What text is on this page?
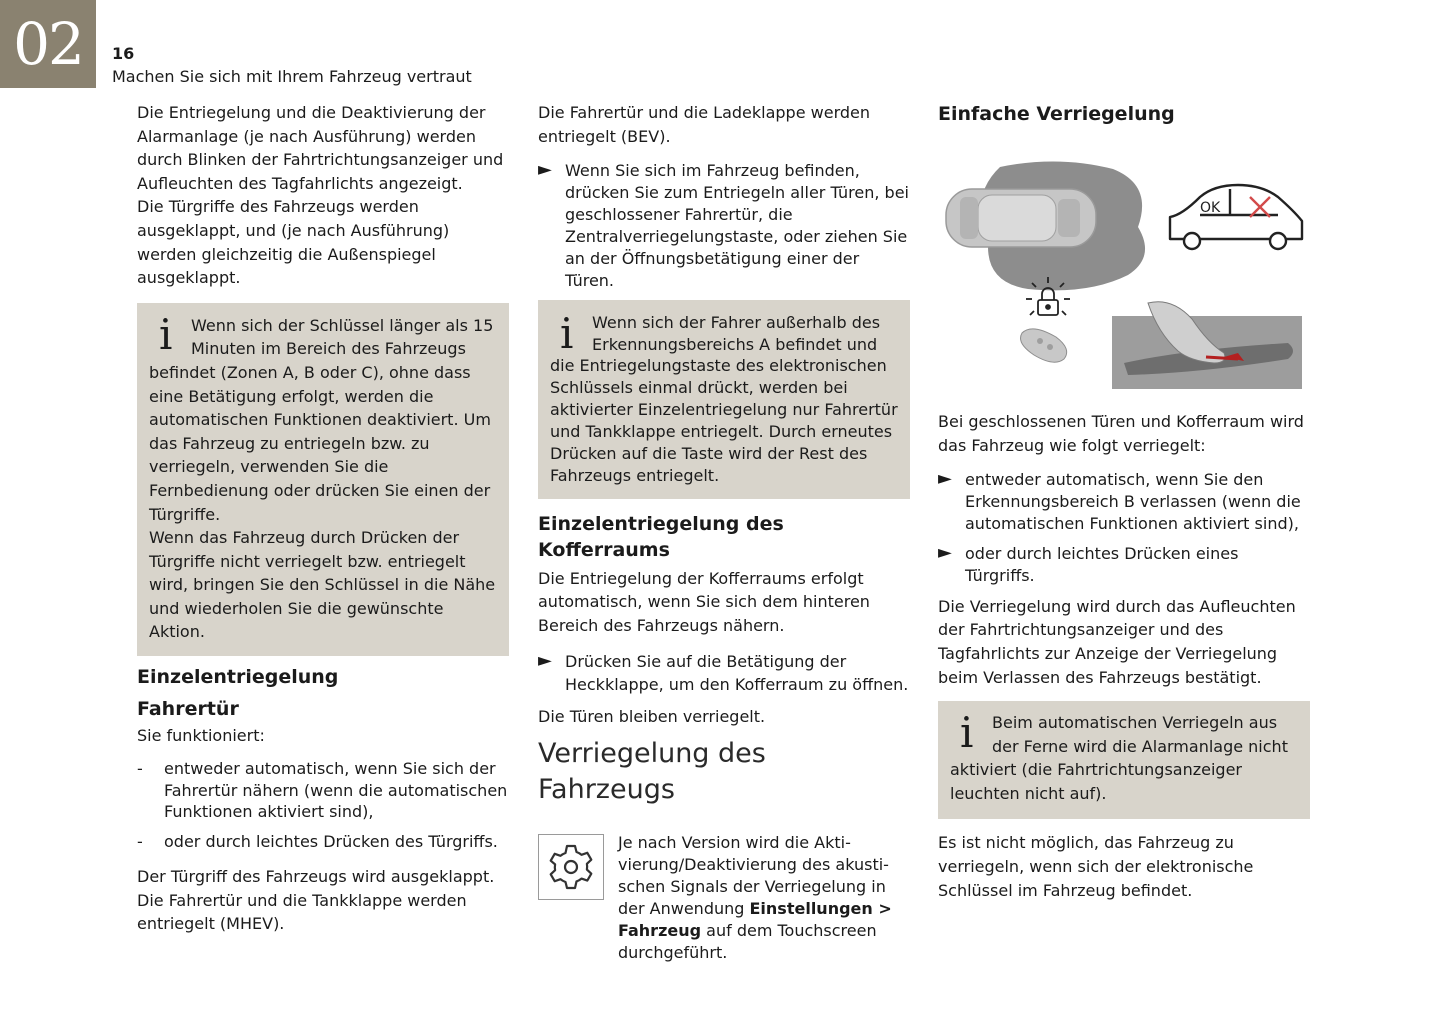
02	16
Machen Sie sich mit Ihrem Fahrzeug vertraut

Die Entriegelung und die Deaktivierung der Alarmanlage (je nach Ausführung) werden durch Blinken der Fahrtrichtungsanzeiger und Aufleuchten des Tagfahrlichts angezeigt.

Die Türgriffe des Fahrzeugs werden ausgeklappt, und (je nach Ausführung) werden gleichzeitig die Außenspiegel ausgeklappt.

i	Wenn sich der Schlüssel länger als 15 Minuten im Bereich des Fahrzeugs befindet (Zonen A, B oder C), ohne dass eine Betätigung erfolgt, werden die automatischen Funktionen deaktiviert. Um das Fahrzeug zu entriegeln bzw. zu verriegeln, verwenden Sie die Fernbedienung oder drücken Sie einen der Türgriffe.

Wenn das Fahrzeug durch Drücken der Türgriffe nicht verriegelt bzw. entriegelt wird, bringen Sie den Schlüssel in die Nähe und wiederholen Sie die gewünschte Aktion.

Einzelentriegelung
Fahrertür

Sie funktioniert:

- entweder automatisch, wenn Sie sich der Fahrertür nähern (wenn die automatischen Funktionen aktiviert sind),
- oder durch leichtes Drücken des Türgriffs.

Der Türgriff des Fahrzeugs wird ausgeklappt.

Die Fahrertür und die Tankklappe werden entriegelt (MHEV).

Die Fahrertür und die Ladeklappe werden entriegelt (BEV).

► Wenn Sie sich im Fahrzeug befinden, drücken Sie zum Entriegeln aller Türen, bei geschlossener Fahrertür, die Zentralverriegelungstaste, oder ziehen Sie an der Öffnungsbetätigung einer der Türen.
i	Wenn sich der Fahrer außerhalb des Erkennungsbereichs A befindet und die Entriegelungstaste des elektronischen Schlüssels einmal drückt, werden bei aktivierter Einzelentriegelung nur Fahrertür und Tankklappe entriegelt. Durch erneutes Drücken auf die Taste wird der Rest des Fahrzeugs entriegelt.

Einzelentriegelung des Kofferraums

Die Entriegelung der Kofferraums erfolgt automatisch, wenn Sie sich dem hinteren Bereich des Fahrzeugs nähern.

► Drücken Sie auf die Betätigung der Heckklappe, um den Kofferraum zu öffnen.

Die Türen bleiben verriegelt.

Verriegelung des Fahrzeugs

Je nach Version wird die Akti-vierung/Deaktivierung des akusti-schen Signals der Verriegelung in der Anwendung Einstellungen > Fahrzeug auf dem Touchscreen durchgeführt.

Einfache Verriegelung
OK

Bei geschlossenen Türen und Kofferraum wird das Fahrzeug wie folgt verriegelt:

► entweder automatisch, wenn Sie den Erkennungsbereich B verlassen (wenn die automatischen Funktionen aktiviert sind),
► oder durch leichtes Drücken eines Türgriffs.

Die Verriegelung wird durch das Aufleuchten der Fahrtrichtungsanzeiger und des Tagfahrlichts zur Anzeige der Verriegelung beim Verlassen des Fahrzeugs bestätigt.

i	Beim automatischen Verriegeln aus der Ferne wird die Alarmanlage nicht aktiviert (die Fahrtrichtungsanzeiger leuchten nicht auf).

Es ist nicht möglich, das Fahrzeug zu verriegeln, wenn sich der elektronische Schlüssel im Fahrzeug befindet.
